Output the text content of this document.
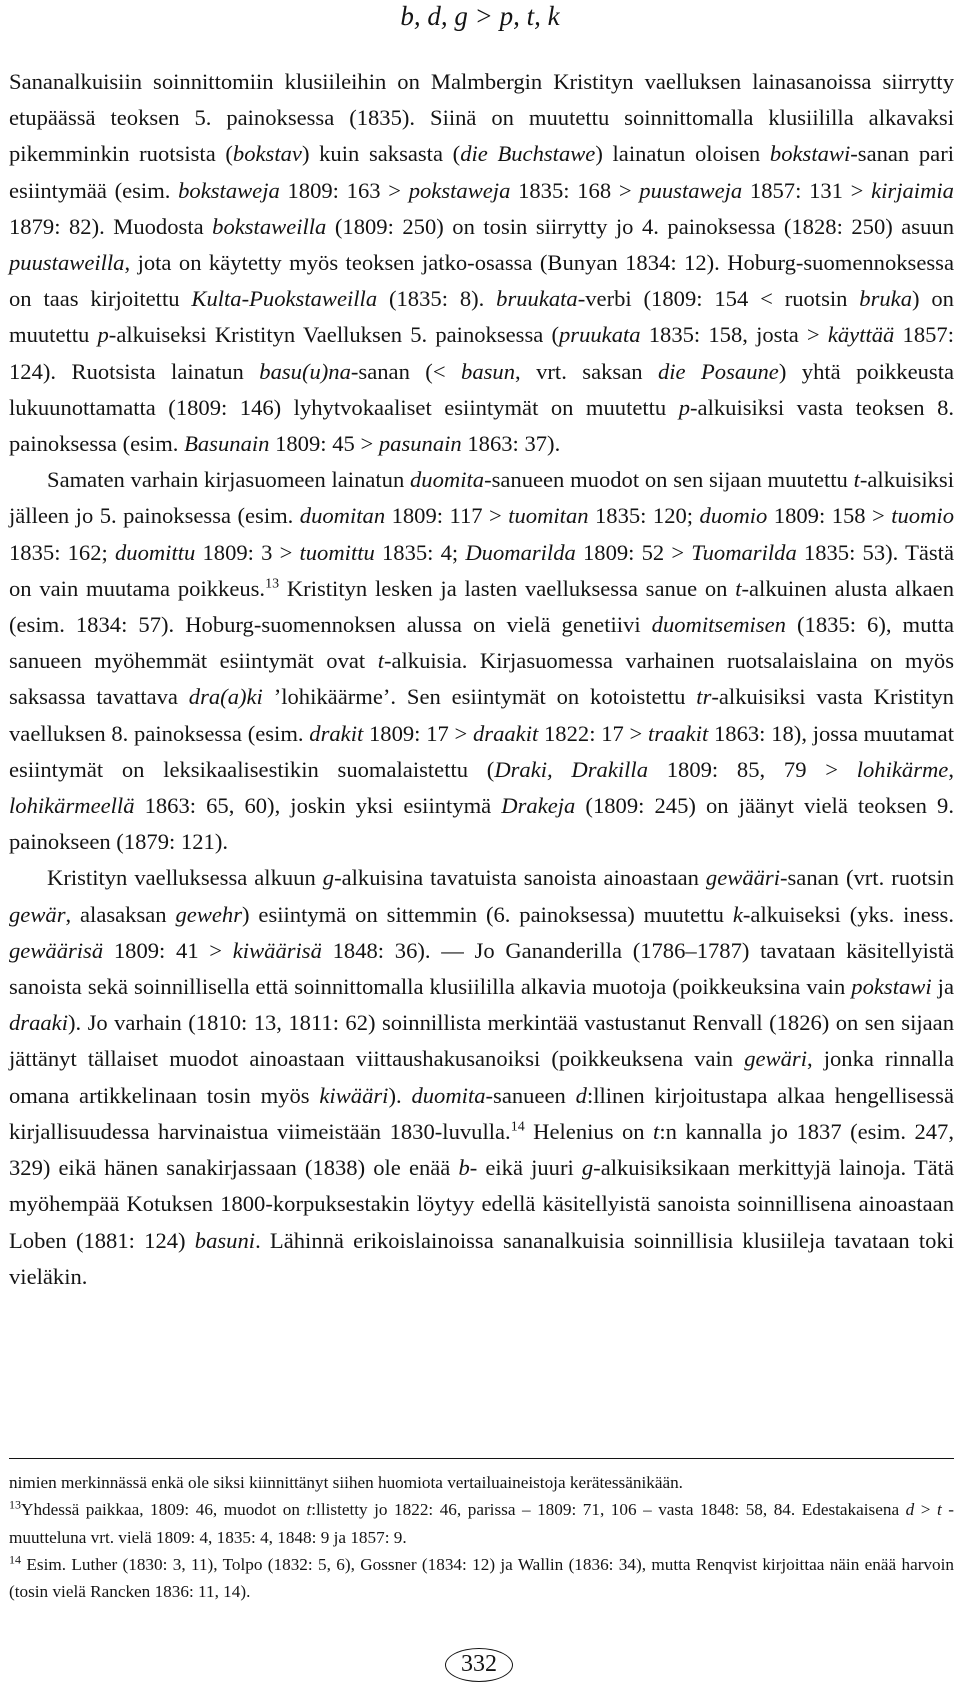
b, d, g > p, t, k

Sananalkuisiin soinnittomiin klusiileihin on Malmbergin Kristityn vaelluksen lainasanoissa siirrytty etupäässä teoksen 5. painoksessa (1835). Siinä on muutettu soinnittomalla klusiililla alkavaksi pikemminkin ruotsista (bokstav) kuin saksasta (die Buchstawe) lainatun oloisen bokstawi-sanan pari esiintymää (esim. bokstaweja 1809: 163 > pokstaweja 1835: 168 > puustaweja 1857: 131 > kirjaimia 1879: 82). Muodosta bokstaweilla (1809: 250) on tosin siirrytty jo 4. painoksessa (1828: 250) asuun puustaweilla, jota on käytetty myös teoksen jatko-osassa (Bunyan 1834: 12). Hoburg-suomennoksessa on taas kirjoitettu Kulta-Puokstaweilla (1835: 8). bruukata-verbi (1809: 154 < ruotsin bruka) on muutettu p-alkuiseksi Kristityn Vaelluksen 5. painoksessa (pruukata 1835: 158, josta > käyttää 1857: 124). Ruotsista lainatun basu(u)na-sanan (< basun, vrt. saksan die Posaune) yhtä poikkeusta lukuunottamatta (1809: 146) lyhytvokaaliset esiintymät on muutettu p-alkuisiksi vasta teoksen 8. painoksessa (esim. Basunain 1809: 45 > pasunain 1863: 37).

Samaten varhain kirjasuomeen lainatun duomita-sanueen muodot on sen sijaan muutettu t-alkuisiksi jälleen jo 5. painoksessa (esim. duomitan 1809: 117 > tuomitan 1835: 120; duomio 1809: 158 > tuomio 1835: 162; duomittu 1809: 3 > tuomittu 1835: 4; Duomarilda 1809: 52 > Tuomarilda 1835: 53). Tästä on vain muutama poikkeus.$^{13}$ Kristityn lesken ja lasten vaelluksessa sanue on t-alkuinen alusta alkaen (esim. 1834: 57). Hoburg-suomennoksen alussa on vielä genetiivi duomitsemisen (1835: 6), mutta sanueen myöhemmät esiintymät ovat t-alkuisia. Kirjasuomessa varhainen ruotsalaislaina on myös saksassa tavattava dra(a)ki ’lohikäärme’. Sen esiintymät on kotoistettu tr-alkuisiksi vasta Kristityn vaelluksen 8. painoksessa (esim. drakit 1809: 17 > draakit 1822: 17 > traakit 1863: 18), jossa muutamat esiintymät on leksikaalisestikin suomalaistettu (Draki, Drakilla 1809: 85, 79 > lohikärme, lohikärmeellä 1863: 65, 60), joskin yksi esiintymä Drakeja (1809: 245) on jäänyt vielä teoksen 9. painokseen (1879: 121).

Kristityn vaelluksessa alkuun g-alkuisina tavatuista sanoista ainoastaan gewääri-sanan (vrt. ruotsin gewär, alasaksan gewehr) esiintymä on sittemmin (6. painoksessa) muutettu k-alkuiseksi (yks. iness. gewäärisä 1809: 41 > kiwäärisä 1848: 36). — Jo Gananderilla (1786–1787) tavataan käsitellyistä sanoista sekä soinnillisella että soinnittomalla klusiililla alkavia muotoja (poikkeuksina vain pokstawi ja draaki). Jo varhain (1810: 13, 1811: 62) soinnillista merkintää vastustanut Renvall (1826) on sen sijaan jättänyt tällaiset muodot ainoastaan viittaushakusanoiksi (poikkeuksena vain gewäri, jonka rinnalla omana artikkelinaan tosin myös kiwääri). duomita-sanueen d:llinen kirjoitustapa alkaa hengellisessä kirjallisuudessa harvinaistua viimeistään 1830-luvulla.$^{14}$ Helenius on t:n kannalla jo 1837 (esim. 247, 329) eikä hänen sanakirjassaan (1838) ole enää b- eikä juuri g-alkuisiksikaan merkittyjä lainoja. Tätä myöhempää Kotuksen 1800-korpuksestakin löytyy edellä käsitellyistä sanoista soinnillisena ainoastaan Loben (1881: 124) basuni. Lähinnä erikoislainoissa sananalkuisia soinnillisia klusiileja tavataan toki vieläkin.

nimien merkinnässä enkä ole siksi kiinnittänyt siihen huomiota vertailuaineistoja kerätessänikään.

$^{13}$Yhdessä paikkaa, 1809: 46, muodot on t:llistetty jo 1822: 46, parissa – 1809: 71, 106 – vasta 1848: 58, 84. Edestakaisena d > t -muutteluna vrt. vielä 1809: 4, 1835: 4, 1848: 9 ja 1857: 9.

$^{14}$ Esim. Luther (1830: 3, 11), Tolpo (1832: 5, 6), Gossner (1834: 12) ja Wallin (1836: 34), mutta Renqvist kirjoittaa näin enää harvoin (tosin vielä Rancken 1836: 11, 14).

332
